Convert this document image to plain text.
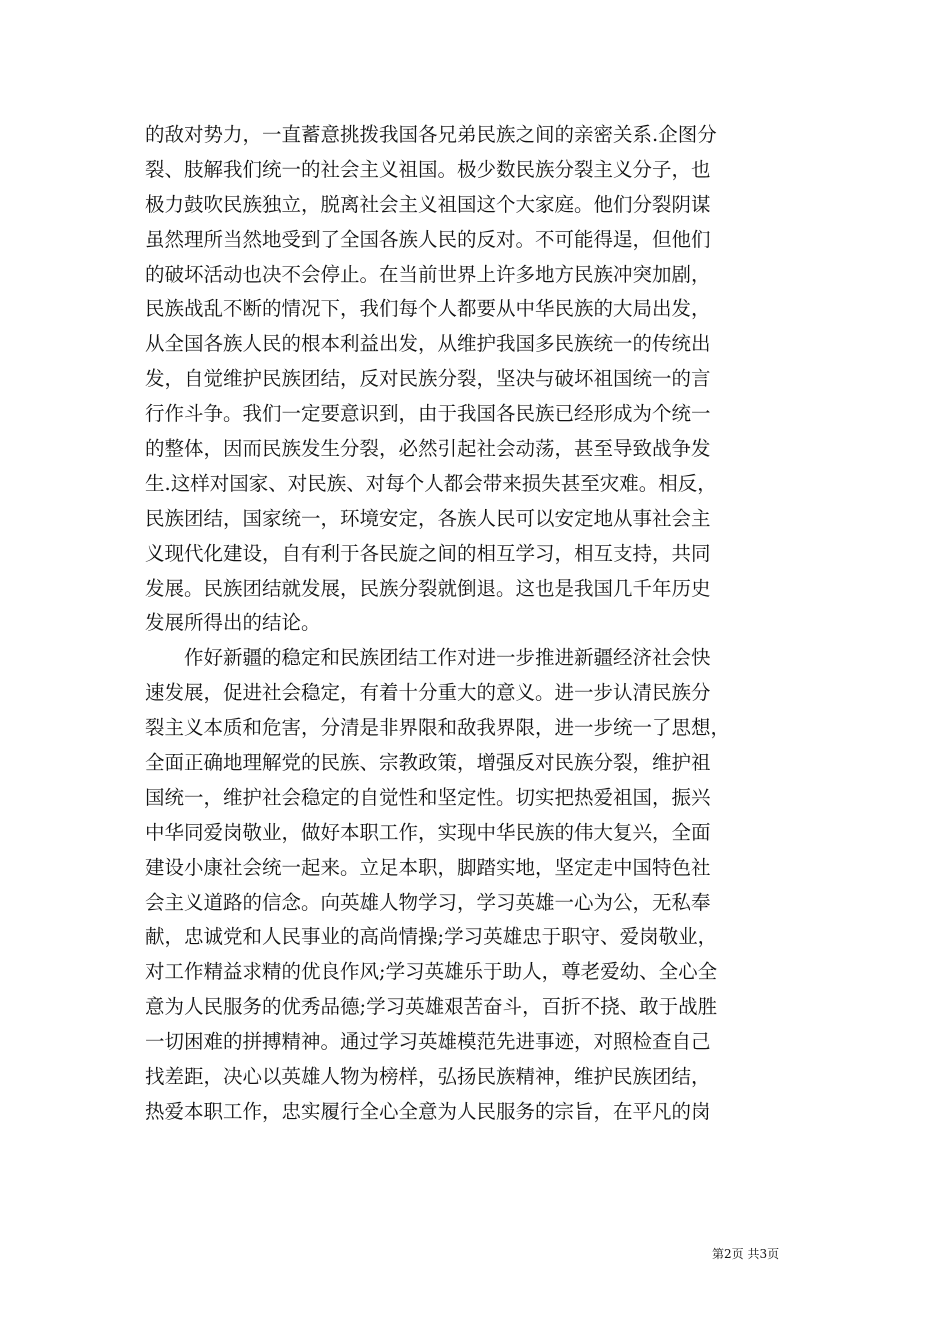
的敌对势力，一直蓄意挑拨我国各兄弟民族之间的亲密关系.企图分
裂、肢解我们统一的社会主义祖国。极少数民族分裂主义分子，也
极力鼓吹民族独立，脱离社会主义祖国这个大家庭。他们分裂阴谋
虽然理所当然地受到了全国各族人民的反对。不可能得逞，但他们
的破坏活动也决不会停止。在当前世界上许多地方民族冲突加剧，
民族战乱不断的情况下，我们每个人都要从中华民族的大局出发，
从全国各族人民的根本利益出发，从维护我国多民族统一的传统出
发，自觉维护民族团结，反对民族分裂，坚决与破坏祖国统一的言
行作斗争。我们一定要意识到，由于我国各民族已经形成为个统一
的整体，因而民族发生分裂，必然引起社会动荡，甚至导致战争发
生.这样对国家、对民族、对每个人都会带来损失甚至灾难。相反，
民族团结，国家统一，环境安定，各族人民可以安定地从事社会主
义现代化建设，自有利于各民旋之间的相互学习，相互支持，共同
发展。民族团结就发展，民族分裂就倒退。这也是我国几千年历史
发展所得出的结论。
　　作好新疆的稳定和民族团结工作对进一步推进新疆经济社会快
速发展，促进社会稳定，有着十分重大的意义。进一步认清民族分
裂主义本质和危害，分清是非界限和敌我界限，进一步统一了思想，
全面正确地理解党的民族、宗教政策，增强反对民族分裂，维护祖
国统一，维护社会稳定的自觉性和坚定性。切实把热爱祖国，振兴
中华同爱岗敬业，做好本职工作，实现中华民族的伟大复兴，全面
建设小康社会统一起来。立足本职，脚踏实地，坚定走中国特色社
会主义道路的信念。向英雄人物学习，学习英雄一心为公，无私奉
献，忠诚党和人民事业的高尚情操;学习英雄忠于职守、爱岗敬业，
对工作精益求精的优良作风;学习英雄乐于助人，尊老爱幼、全心全
意为人民服务的优秀品德;学习英雄艰苦奋斗，百折不挠、敢于战胜
一切困难的拼搏精神。通过学习英雄模范先进事迹，对照检查自己
找差距，决心以英雄人物为榜样，弘扬民族精神，维护民族团结，
热爱本职工作，忠实履行全心全意为人民服务的宗旨，在平凡的岗
第2页 共3页
